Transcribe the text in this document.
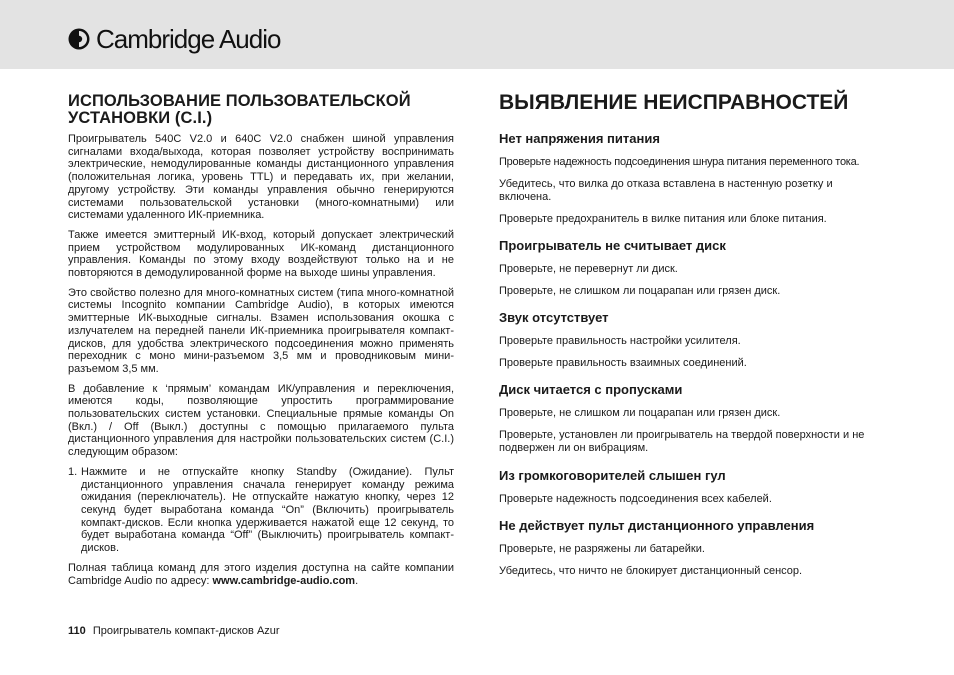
Cambridge Audio
ИСПОЛЬЗОВАНИЕ ПОЛЬЗОВАТЕЛЬСКОЙ УСТАНОВКИ (C.I.)

Проигрыватель 540C V2.0 и 640C V2.0 снабжен шиной управления сигналами входа/выхода, которая позволяет устройству воспринимать электрические, немодулированные команды дистанционного управления (положительная логика, уровень TTL) и передавать их, при желании, другому устройству. Эти команды управления обычно генерируются системами пользовательской установки (много-комнатными) или системами удаленного ИК-приемника.

Также имеется эмиттерный ИК-вход, который допускает электрический прием устройством модулированных ИК-команд дистанционного управления. Команды по этому входу воздействуют только на и не повторяются в демодулированной форме на выходе шины управления.

Это свойство полезно для много-комнатных систем (типа много-комнатной системы Incognito компании Cambridge Audio), в которых имеются эмиттерные ИК-выходные сигналы. Взамен использования окошка с излучателем на передней панели ИК-приемника проигрывателя компакт-дисков, для удобства электрического подсоединения можно применять переходник с моно мини-разъемом 3,5 мм и проводниковым мини-разъемом 3,5 мм.

В добавление к ‘прямым’ командам ИК/управления и переключения, имеются коды, позволяющие упростить программирование пользовательских систем установки. Специальные прямые команды On (Вкл.) / Off (Выкл.) доступны с помощью прилагаемого пульта дистанционного управления для настройки пользовательских систем (C.I.) следующим образом:

1. Нажмите и не отпускайте кнопку Standby (Ожидание). Пульт дистанционного управления сначала генерирует команду режима ожидания (переключатель). Не отпускайте нажатую кнопку, через 12 секунд будет выработана команда “On” (Включить) проигрыватель компакт-дисков. Если кнопка удерживается нажатой еще 12 секунд, то будет выработана команда “Off” (Выключить) проигрыватель компакт-дисков.

Полная таблица команд для этого изделия доступна на сайте компании Cambridge Audio по адресу: www.cambridge-audio.com.

110 Проигрыватель компакт-дисков Azur
ВЫЯВЛЕНИЕ НЕИСПРАВНОСТЕЙ
Нет напряжения питания

Проверьте надежность подсоединения шнура питания переменного тока.

Убедитесь, что вилка до отказа вставлена в настенную розетку и включена.

Проверьте предохранитель в вилке питания или блоке питания.

Проигрыватель не считывает диск

Проверьте, не перевернут ли диск.

Проверьте, не слишком ли поцарапан или грязен диск.

Звук отсутствует

Проверьте правильность настройки усилителя.

Проверьте правильность взаимных соединений.

Диск читается с пропусками

Проверьте, не слишком ли поцарапан или грязен диск.

Проверьте, установлен ли проигрыватель на твердой поверхности и не подвержен ли он вибрациям.

Из громкоговорителей слышен гул

Проверьте надежность подсоединения всех кабелей.

Не действует пульт дистанционного управления

Проверьте, не разряжены ли батарейки.

Убедитесь, что ничто не блокирует дистанционный сенсор.
